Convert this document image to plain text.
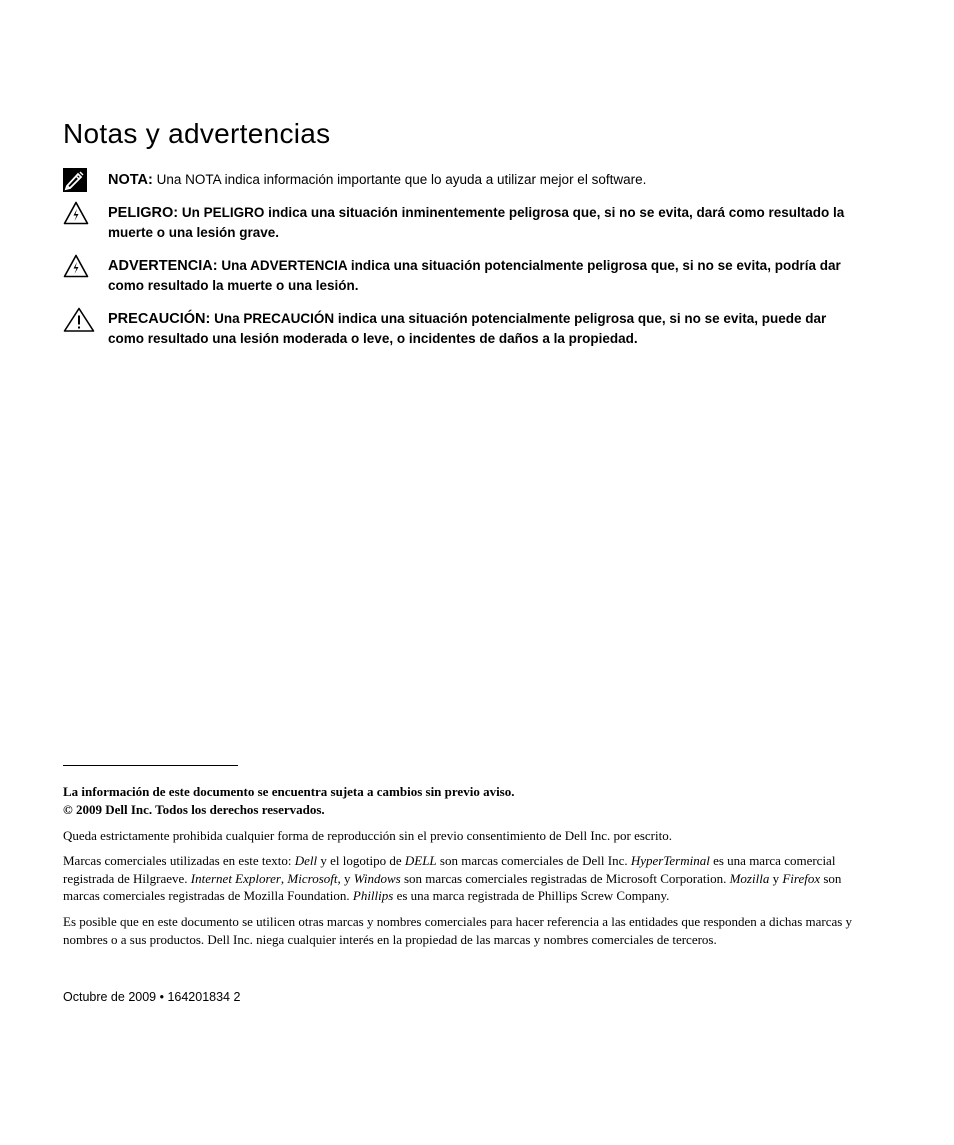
Notas y advertencias
NOTA: Una NOTA indica información importante que lo ayuda a utilizar mejor el software.
PELIGRO: Un PELIGRO indica una situación inminentemente peligrosa que, si no se evita, dará como resultado la muerte o una lesión grave.
ADVERTENCIA: Una ADVERTENCIA indica una situación potencialmente peligrosa que, si no se evita, podría dar como resultado la muerte o una lesión.
PRECAUCIÓN: Una PRECAUCIÓN indica una situación potencialmente peligrosa que, si no se evita, puede dar como resultado una lesión moderada o leve, o incidentes de daños a la propiedad.

La información de este documento se encuentra sujeta a cambios sin previo aviso.

© 2009 Dell Inc. Todos los derechos reservados.

Queda estrictamente prohibida cualquier forma de reproducción sin el previo consentimiento de Dell Inc. por escrito.

Marcas comerciales utilizadas en este texto: Dell y el logotipo de DELL son marcas comerciales de Dell Inc. HyperTerminal es una marca comercial registrada de Hilgraeve. Internet Explorer, Microsoft, y Windows son marcas comerciales registradas de Microsoft Corporation. Mozilla y Firefox son marcas comerciales registradas de Mozilla Foundation. Phillips es una marca registrada de Phillips Screw Company.

Es posible que en este documento se utilicen otras marcas y nombres comerciales para hacer referencia a las entidades que responden a dichas marcas y nombres o a sus productos. Dell Inc. niega cualquier interés en la propiedad de las marcas y nombres comerciales de terceros.

Octubre de 2009 • 164201834 2
